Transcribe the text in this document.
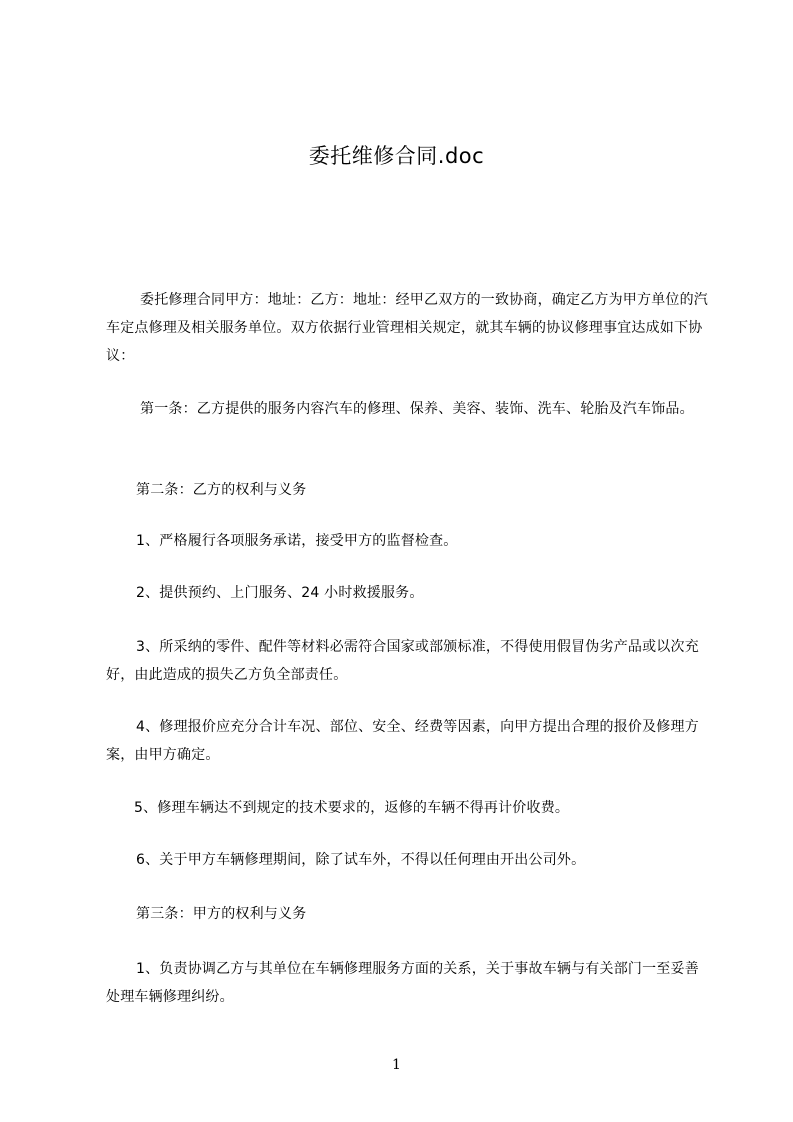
委托维修合同.doc
委托修理合同甲方：地址：乙方：地址：经甲乙双方的一致协商，确定乙方为甲方单位的汽车定点修理及相关服务单位。双方依据行业管理相关规定，就其车辆的协议修理事宜达成如下协议：
第一条：乙方提供的服务内容汽车的修理、保养、美容、装饰、洗车、轮胎及汽车饰品。
第二条：乙方的权利与义务
1、严格履行各项服务承诺，接受甲方的监督检查。
2、提供预约、上门服务、24 小时救援服务。
3、所采纳的零件、配件等材料必需符合国家或部颁标准，不得使用假冒伪劣产品或以次充好，由此造成的损失乙方负全部责任。
4、修理报价应充分合计车况、部位、安全、经费等因素，向甲方提出合理的报价及修理方案，由甲方确定。
5、修理车辆达不到规定的技术要求的，返修的车辆不得再计价收费。
6、关于甲方车辆修理期间，除了试车外，不得以任何理由开出公司外。
第三条：甲方的权利与义务
1、负责协调乙方与其单位在车辆修理服务方面的关系，关于事故车辆与有关部门一至妥善处理车辆修理纠纷。
1
